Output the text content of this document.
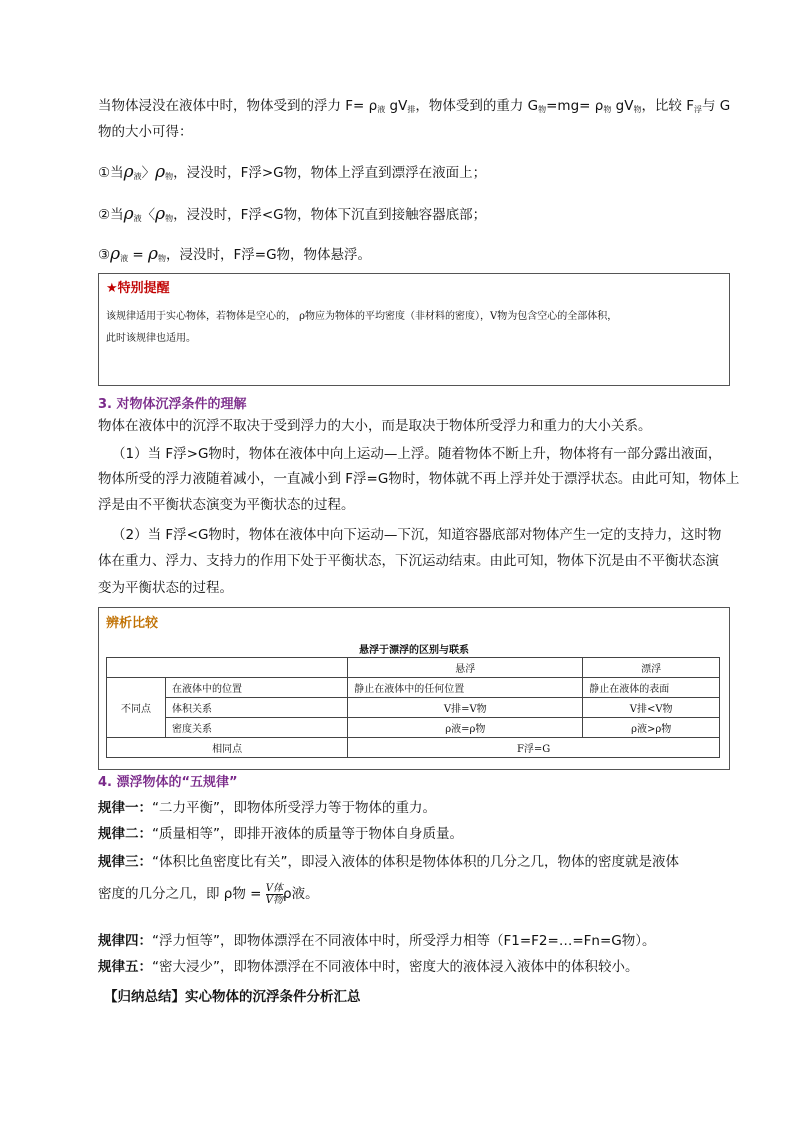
当物体浸没在液体中时，物体受到的浮力 $F= \rho_液$ $gV_排$，物体受到的重力 $G_物=mg= \rho_物$ $gV_物$，比较 $F_浮$与 G
物的大小可得：
①当$\rho_液$〉$\rho_物$，浸没时，F浮>G物，物体上浮直到漂浮在液面上；
②当$\rho_液$〈$\rho_物$，浸没时，F浮<G物，物体下沉直到接触容器底部；
$③\rho_液 = \rho_物$，浸没时，F浮=G物，物体悬浮。
★特别提醒
该规律适用于实心物体，若物体是空心的， ρ物应为物体的平均密度（非材料的密度），V物为包含空心的全部体积，
此时该规律也适用。
3. 对物体沉浮条件的理解
物体在液体中的沉浮不取决于受到浮力的大小，而是取决于物体所受浮力和重力的大小关系。
（1）当 F浮>G物时，物体在液体中向上运动—上浮。随着物体不断上升，物体将有一部分露出液面，
物体所受的浮力液随着减小，一直减小到 F浮=G物时，物体就不再上浮并处于漂浮状态。由此可知，物体上
浮是由不平衡状态演变为平衡状态的过程。
（2）当 F浮<G物时，物体在液体中向下运动—下沉，知道容器底部对物体产生一定的支持力，这时物
体在重力、浮力、支持力的作用下处于平衡状态，下沉运动结束。由此可知，物体下沉是由不平衡状态演
变为平衡状态的过程。
辨析比较
悬浮于漂浮的区别与联系
		悬浮	漂浮
不同点	在液体中的位置	静止在液体中的任何位置	静止在液体的表面
	体积关系	V排=V物	V排<V物
	密度关系	ρ液=ρ物	ρ液>ρ物
相同点		F浮=G	
4. 漂浮物体的“五规律”
规律一：“二力平衡”，即物体所受浮力等于物体的重力。
规律二：“质量相等”，即排开液体的质量等于物体自身质量。
规律三：“体积比鱼密度比有关”，即浸入液体的体积是物体体积的几分之几，物体的密度就是液体
密度的几分之几，即 ρ物 = $\frac{\text{V体}}{\text{V物}}$ ρ液。
规律四：“浮力恒等”，即物体漂浮在不同液体中时，所受浮力相等（F1=F2=…=Fn=G物）。
规律五：“密大浸少”，即物体漂浮在不同液体中时，密度大的液体浸入液体中的体积较小。
【归纳总结】实心物体的沉浮条件分析汇总
